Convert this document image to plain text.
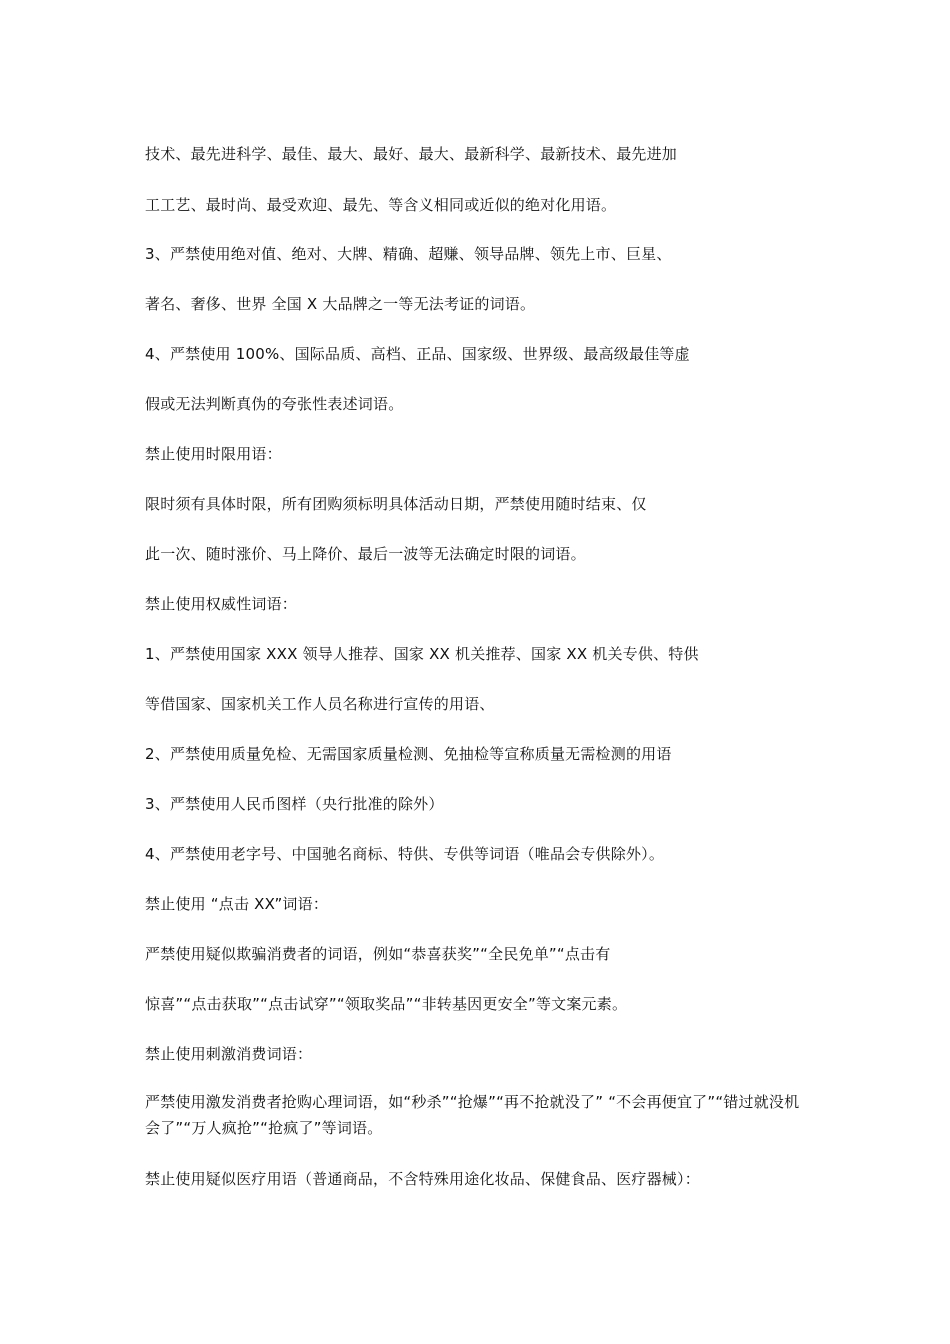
技术、最先进科学、最佳、最大、最好、最大、最新科学、最新技术、最先进加
工工艺、最时尚、最受欢迎、最先、等含义相同或近似的绝对化用语。
3、严禁使用绝对值、绝对、大牌、精确、超赚、领导品牌、领先上市、巨星、
著名、奢侈、世界 全国 X 大品牌之一等无法考证的词语。
4、严禁使用 100%、国际品质、高档、正品、国家级、世界级、最高级最佳等虚
假或无法判断真伪的夸张性表述词语。
禁止使用时限用语：
限时须有具体时限，所有团购须标明具体活动日期，严禁使用随时结束、仅
此一次、随时涨价、马上降价、最后一波等无法确定时限的词语。
禁止使用权威性词语：
1、严禁使用国家 XXX 领导人推荐、国家 XX 机关推荐、国家 XX 机关专供、特供
等借国家、国家机关工作人员名称进行宣传的用语、
2、严禁使用质量免检、无需国家质量检测、免抽检等宣称质量无需检测的用语
3、严禁使用人民币图样（央行批准的除外）
4、严禁使用老字号、中国驰名商标、特供、专供等词语（唯品会专供除外）。
禁止使用 “点击 XX”词语：
严禁使用疑似欺骗消费者的词语，例如“恭喜获奖”“全民免单”“点击有
惊喜”“点击获取”“点击试穿”“领取奖品”“非转基因更安全”等文案元素。
禁止使用刺激消费词语：
严禁使用激发消费者抢购心理词语，如“秒杀”“抢爆”“再不抢就没了” “不会再便宜了”“错过就没机会了”“万人疯抢”“抢疯了”等词语。
禁止使用疑似医疗用语（普通商品，不含特殊用途化妆品、保健食品、医疗器械）：
